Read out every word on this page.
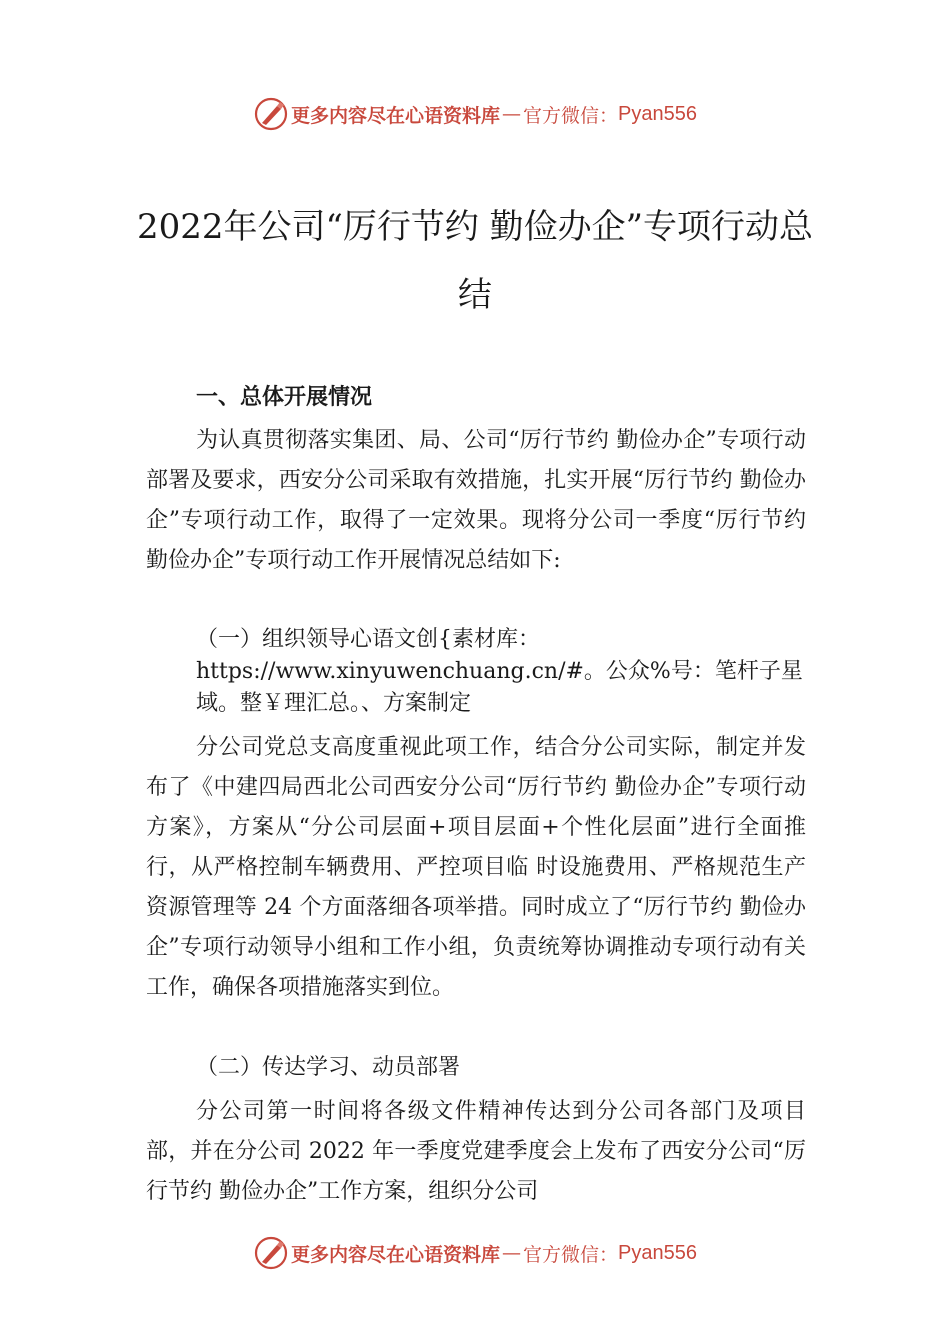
更多内容尽在心语资料库 — 官方微信： Pyan556
2022年公司“厉行节约 勤俭办企”专项行动总结
一、总体开展情况

为认真贯彻落实集团、局、公司“厉行节约 勤俭办企”专项行动部署及要求，西安分公司采取有效措施，扎实开展“厉行节约 勤俭办企”专项行动工作，取得了一定效果。现将分公司一季度“厉行节约 勤俭办企”专项行动工作开展情况总结如下:

（一）组织领导心语文创{素材库：https://www.xinyuwenchuang.cn/#。公众%号：笔杆子星域。整￥理汇总。、方案制定

分公司党总支高度重视此项工作，结合分公司实际，制定并发布了《中建四局西北公司西安分公司“厉行节约 勤俭办企”专项行动方案》，方案从“分公司层面+项目层面+个性化层面”进行全面推行，从严格控制车辆费用、严控项目临 时设施费用、严格规范生产资源管理等 24 个方面落细各项举措。同时成立了“厉行节约 勤俭办企”专项行动领导小组和工作小组，负责统筹协调推动专项行动有关工作，确保各项措施落实到位。

（二）传达学习、动员部署

分公司第一时间将各级文件精神传达到分公司各部门及项目部，并在分公司 2022 年一季度党建季度会上发布了西安分公司“厉行节约 勤俭办企”工作方案，组织分公司

更多内容尽在心语资料库 — 官方微信： Pyan556
